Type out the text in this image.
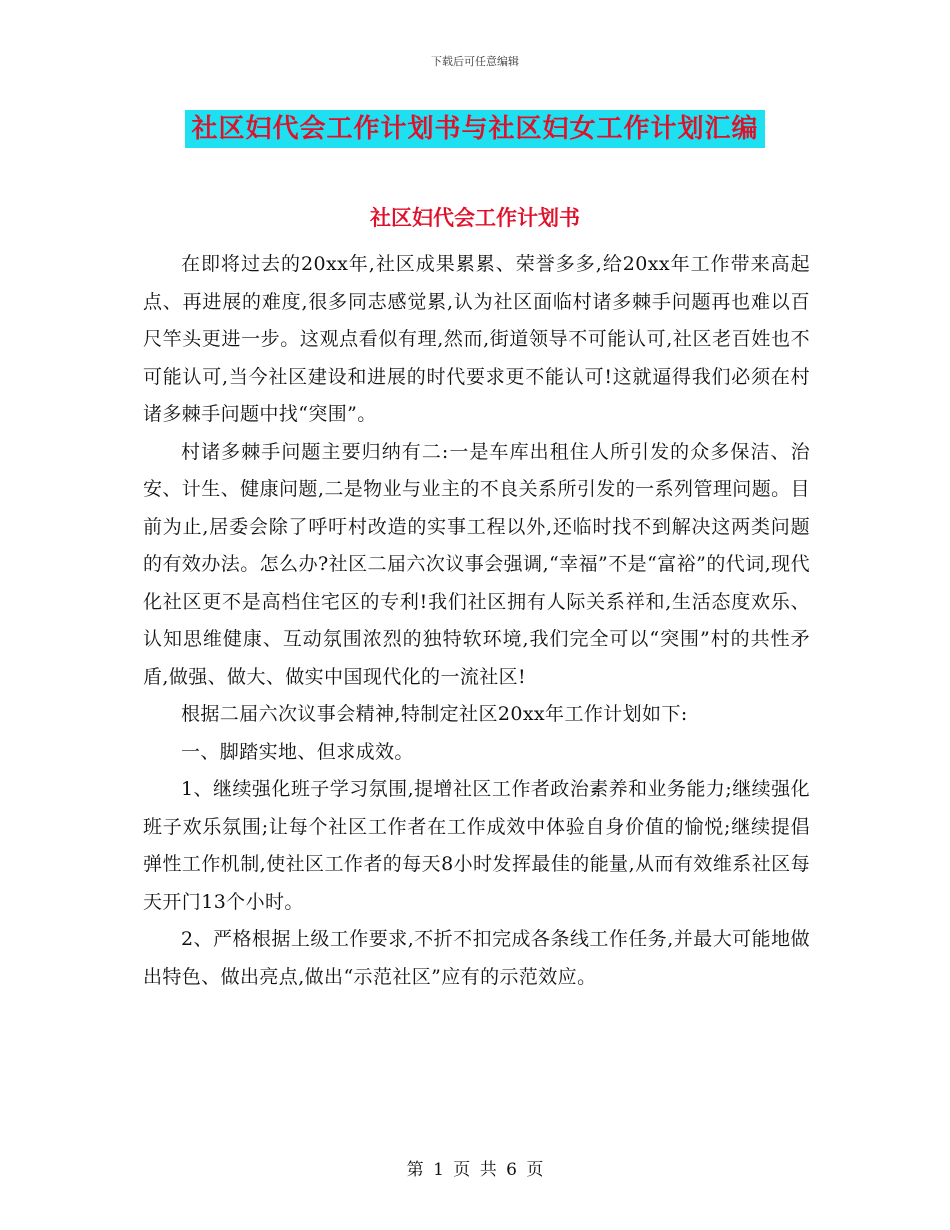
下载后可任意编辑
社区妇代会工作计划书与社区妇女工作计划汇编
社区妇代会工作计划书

在即将过去的20xx年,社区成果累累、荣誉多多,给20xx年工作带来高起点、再进展的难度,很多同志感觉累,认为社区面临村诸多棘手问题再也难以百尺竿头更进一步。这观点看似有理,然而,街道领导不可能认可,社区老百姓也不可能认可,当今社区建设和进展的时代要求更不能认可!这就逼得我们必须在村诸多棘手问题中找“突围”。

村诸多棘手问题主要归纳有二:一是车库出租住人所引发的众多保洁、治安、计生、健康问题,二是物业与业主的不良关系所引发的一系列管理问题。目前为止,居委会除了呼吁村改造的实事工程以外,还临时找不到解决这两类问题的有效办法。怎么办?社区二届六次议事会强调,“幸福”不是“富裕”的代词,现代化社区更不是高档住宅区的专利!我们社区拥有人际关系祥和,生活态度欢乐、认知思维健康、互动氛围浓烈的独特软环境,我们完全可以“突围”村的共性矛盾,做强、做大、做实中国现代化的一流社区!

根据二届六次议事会精神,特制定社区20xx年工作计划如下:

一、脚踏实地、但求成效。

1、继续强化班子学习氛围,提增社区工作者政治素养和业务能力;继续强化班子欢乐氛围;让每个社区工作者在工作成效中体验自身价值的愉悦;继续提倡弹性工作机制,使社区工作者的每天8小时发挥最佳的能量,从而有效维系社区每天开门13个小时。

2、严格根据上级工作要求,不折不扣完成各条线工作任务,并最大可能地做出特色、做出亮点,做出“示范社区”应有的示范效应。

第 1 页 共 6 页
